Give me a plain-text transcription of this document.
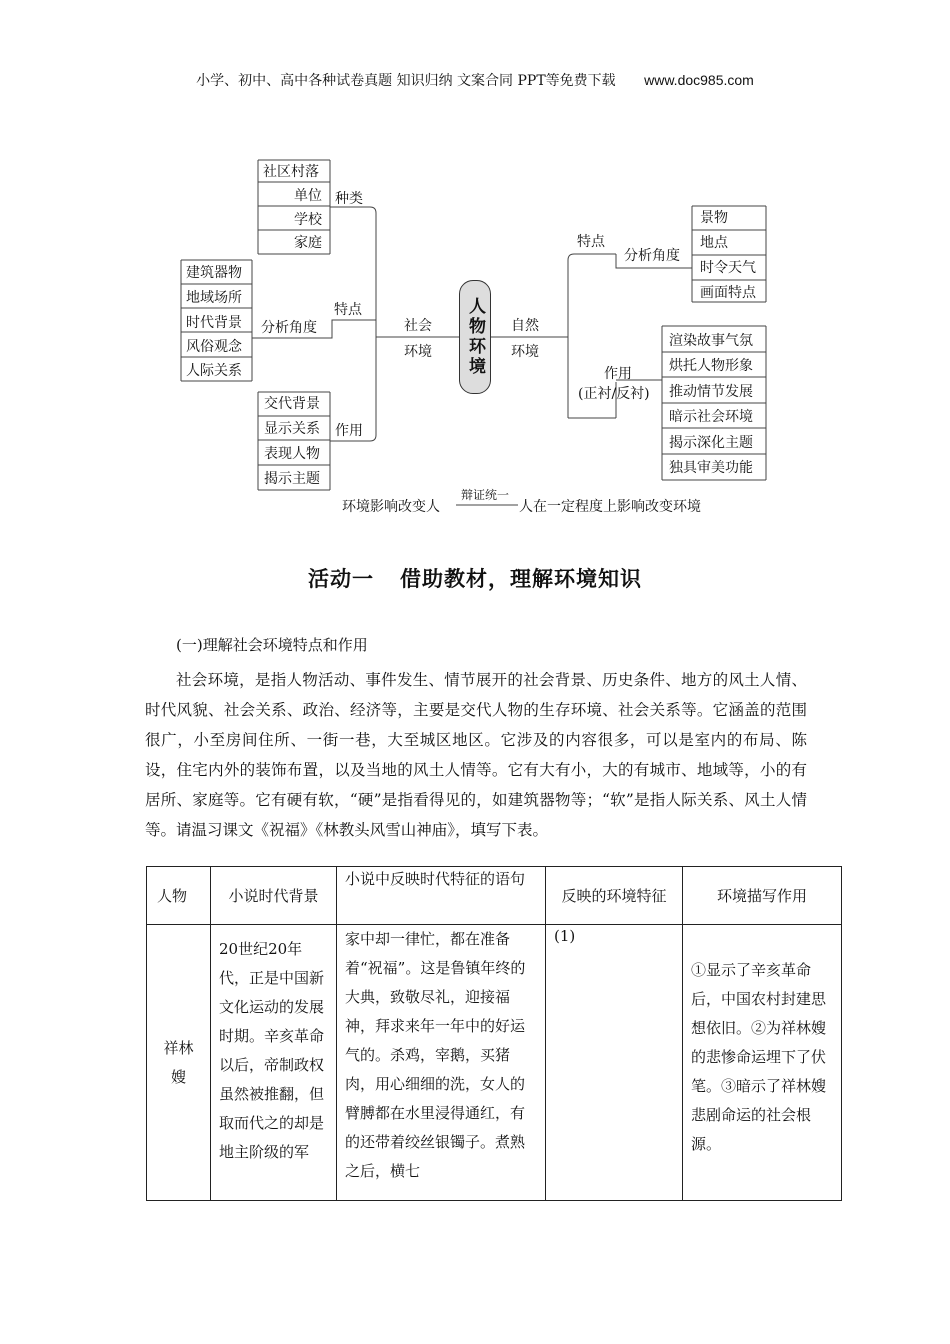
小学、初中、高中各种试卷真题 知识归纳 文案合同 PPT等免费下载 www.doc985.com
人物环境
社会
环境
自然
环境
种类
社区村落
单位
学校
家庭
特点
分析角度
建筑器物
地域场所
时代背景
风俗观念
人际关系
作用
交代背景
显示关系
表现人物
揭示主题
特点
分析角度
景物
地点
时令天气
画面特点
作用
(正衬/反衬)
渲染故事气氛
烘托人物形象
推动情节发展
暗示社会环境
揭示深化主题
独具审美功能
环境影响改变人
辩证统一
人在一定程度上影响改变环境
活动一 借助教材，理解环境知识
(一)理解社会环境特点和作用
社会环境，是指人物活动、事件发生、情节展开的社会背景、历史条件、地方的风土人情、时代风貌、社会关系、政治、经济等，主要是交代人物的生存环境、社会关系等。它涵盖的范围很广，小至房间住所、一街一巷，大至城区地区。它涉及的内容很多，可以是室内的布局、陈设，住宅内外的装饰布置，以及当地的风土人情等。它有大有小，大的有城市、地域等，小的有居所、家庭等。它有硬有软，“硬”是指看得见的，如建筑器物等；“软”是指人际关系、风土人情等。请温习课文《祝福》《林教头风雪山神庙》，填写下表。
人物	小说时代背景	小说中反映时代特征的语句	反映的环境特征	环境描写作用
祥林嫂	20世纪20年代，正是中国新文化运动的发展时期。辛亥革命以后，帝制政权虽然被推翻，但取而代之的却是地主阶级的军	家中却一律忙，都在准备着“祝福”。这是鲁镇年终的大典，致敬尽礼，迎接福神，拜求来年一年中的好运气的。杀鸡，宰鹅，买猪肉，用心细细的洗，女人的臂膊都在水里浸得通红，有的还带着绞丝银镯子。煮熟之后，横七	(1)	①显示了辛亥革命后，中国农村封建思想依旧。②为祥林嫂的悲惨命运埋下了伏笔。③暗示了祥林嫂悲剧命运的社会根源。
